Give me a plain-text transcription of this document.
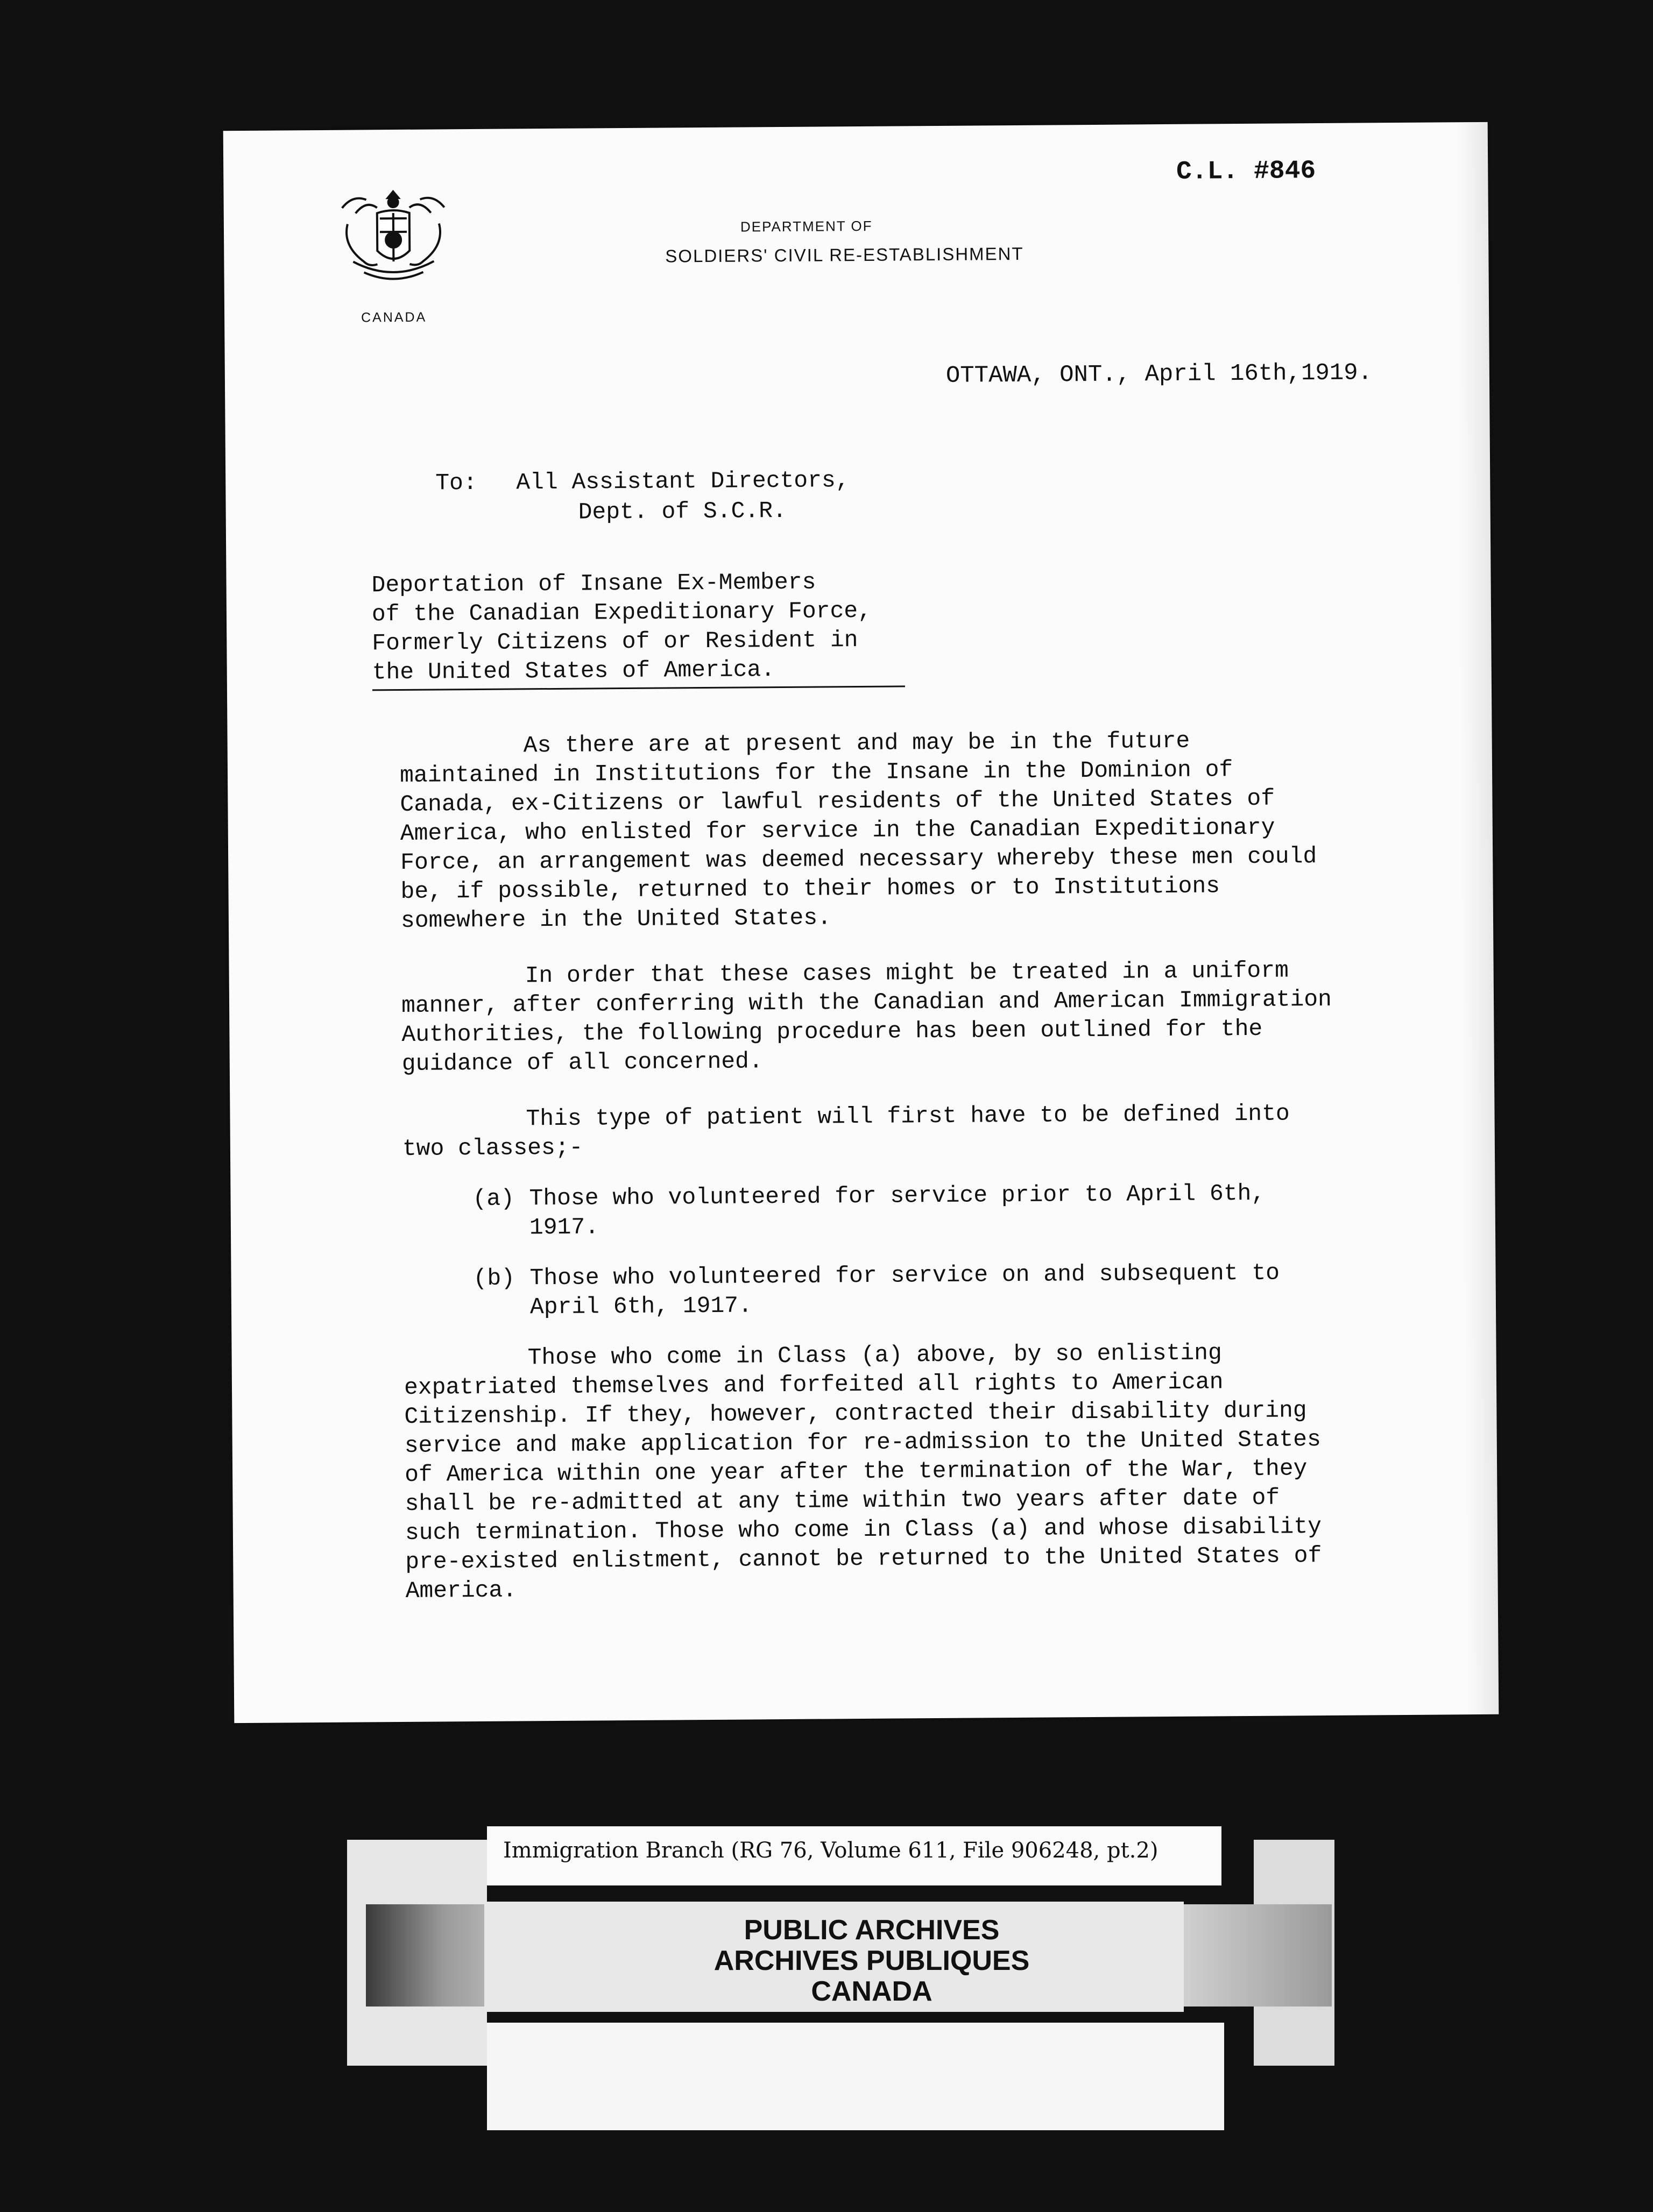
CANADA
C.L. #846
DEPARTMENT OF
SOLDIERS' CIVIL RE-ESTABLISHMENT
OTTAWA, ONT., April 16th,1919.
To:	All Assistant Directors,
Dept. of S.C.R.
Deportation of Insane Ex-Members
of the Canadian Expeditionary Force,
Formerly Citizens of or Resident in
the United States of America.

As there are at present and may be in the future maintained in Institutions for the Insane in the Dominion of Canada, ex-Citizens or lawful residents of the United States of America, who enlisted for service in the Canadian Expeditionary Force, an arrangement was deemed necessary whereby these men could be, if possible, returned to their homes or to Institutions somewhere in the United States.

In order that these cases might be treated in a uniform manner, after conferring with the Canadian and American Immigration Authorities, the following procedure has been outlined for the guidance of all concerned.

This type of patient will first have to be defined into two classes;-

(a) Those who volunteered for service prior to April 6th, 1917.
(b) Those who volunteered for service on and subsequent to April 6th, 1917.

Those who come in Class (a) above, by so enlisting expatriated themselves and forfeited all rights to American Citizenship. If they, however, contracted their disability during service and make application for re-admission to the United States of America within one year after the termination of the War, they shall be re-admitted at any time within two years after date of such termination. Those who come in Class (a) and whose disability pre-existed enlistment, cannot be returned to the United States of America.

Immigration Branch (RG 76, Volume 611, File 906248, pt.2)
PUBLIC ARCHIVES
ARCHIVES PUBLIQUES
CANADA
